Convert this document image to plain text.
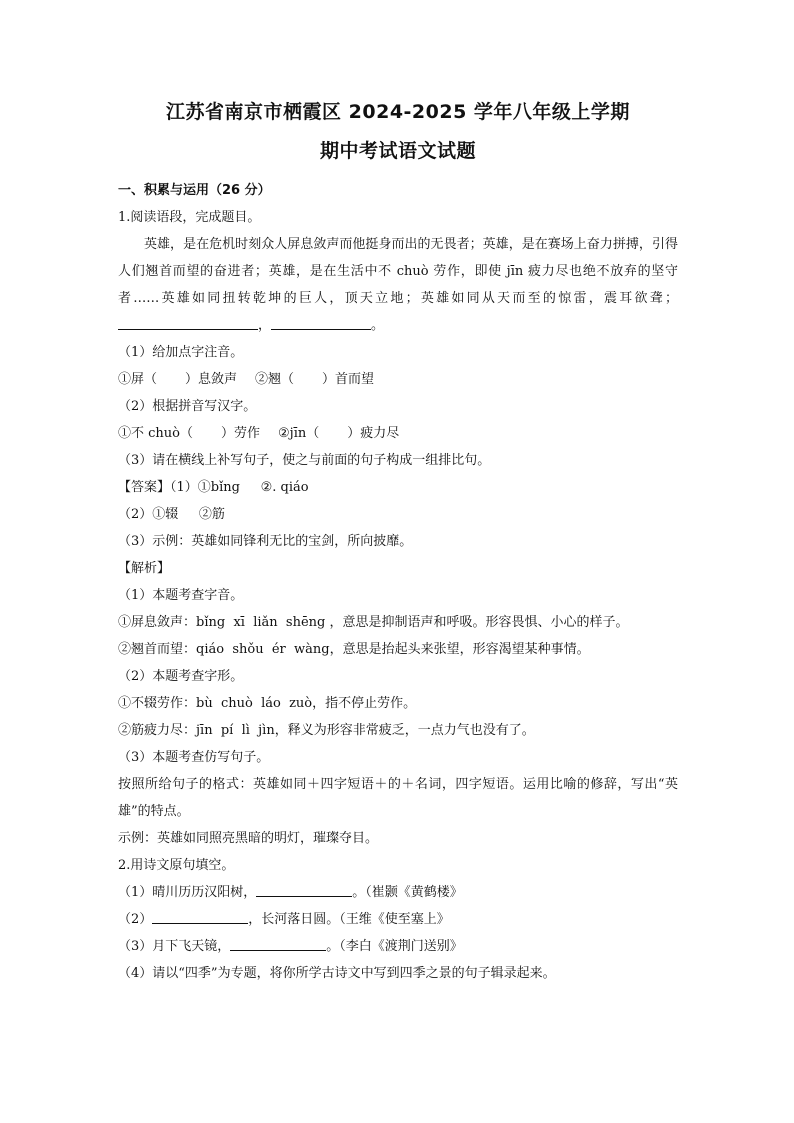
江苏省南京市栖霞区 2024-2025 学年八年级上学期
期中考试语文试题
一、积累与运用（26 分）
1.阅读语段，完成题目。

英雄，是在危机时刻众人屏息敛声而他挺身而出的无畏者；英雄，是在赛场上奋力拼搏，引得人们翘首而望的奋进者；英雄，是在生活中不 chuò 劳作，即使 jīn 疲力尽也绝不放弃的坚守者……英雄如同扭转乾坤的巨人，顶天立地；英雄如同从天而至的惊雷，震耳欲聋；，	。

（1）给加点字注音。
①屏（ ）息敛声 ②翘（ ）首而望
（2）根据拼音写汉字。
①不 chuò（ ）劳作 ②jīn（ ）疲力尽
（3）请在横线上补写句子，使之与前面的句子构成一组排比句。
【答案】（1）①bǐng     ②. qiáo
（2）①辍     ②筋
（3）示例：英雄如同锋利无比的宝剑，所向披靡。
【解析】
（1）本题考查字音。
①屏息敛声：bǐng  xī  liǎn  shēng ，意思是抑制语声和呼吸。形容畏惧、小心的样子。
②翘首而望：qiáo  shǒu  ér  wàng，意思是抬起头来张望，形容渴望某种事情。
（2）本题考查字形。
①不辍劳作：bù  chuò  láo  zuò，指不停止劳作。
②筋疲力尽：jīn  pí  lì  jìn，释义为形容非常疲乏，一点力气也没有了。
（3）本题考查仿写句子。

按照所给句子的格式：英雄如同＋四字短语＋的＋名词，四字短语。运用比喻的修辞，写出“英雄”的特点。

示例：英雄如同照亮黑暗的明灯，璀璨夺目。
2.用诗文原句填空。
（1）晴川历历汉阳树，	。（崔颢《黄鹤楼》
（2）	，长河落日圆。（王维《使至塞上》
（3）月下飞天镜，	。（李白《渡荆门送别》
（4）请以“四季”为专题，将你所学古诗文中写到四季之景的句子辑录起来。
